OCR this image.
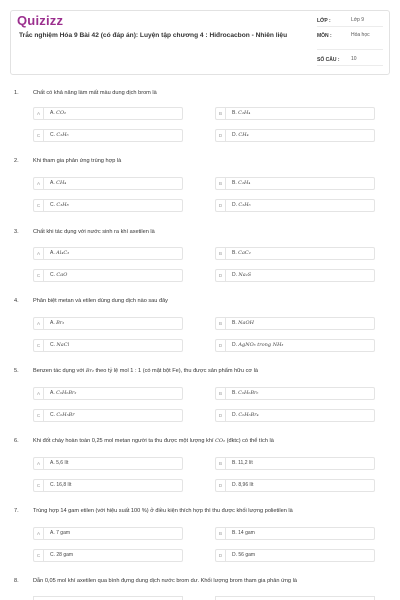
Quizizz
Trắc nghiệm Hóa 9 Bài 42 (có đáp án): Luyện tập chương 4 : Hiđrocacbon - Nhiên liệu
LỚP :	Lớp 9
MÔN :	Hóa học
SỐ CÂU : 10
1.	Chất có khả năng làm mất màu dung dịch brom là
A	A. CO₂	B	B. C₂H₄
C	C. C₂H₆	D	D. CH₄
2.	Khi tham gia phản ứng trùng hợp là
A	A. CH₄	B	B. C₂H₄
C	C. C₃H₈	D	D. C₂H₆
3.	Chất khi tác dụng với nước sinh ra khí axetilen là
A	A. Al₄C₃	B	B. CaC₂
C	C. CaO	D	D. Na₂S
4.	Phân biệt metan và etilen dùng dung dịch nào sau đây
A	A. Br₂	B	B. NaOH
C	C. NaCl	D	D. AgNO₃ trong NH₃
5.	Benzen tác dụng với Br₂ theo tỷ lệ mol 1 : 1 (có mặt bột Fe), thu được sản phẩm hữu cơ là
A	A. C₆H₆Br₂	B	B. C₆H₆Br₆
C	C. C₆H₅Br	D	D. C₆H₆Br₄
6.	Khi đốt cháy hoàn toàn 0,25 mol metan người ta thu được một lượng khí CO₂ (đktc) có thể tích là
A	A. 5,6 lít	B	B. 11,2 lít
C	C. 16,8 lít	D	D. 8,96 lít
7.	Trùng hợp 14 gam etilen (với hiệu suất 100 %) ở điều kiện thích hợp thì thu được khối lượng polietilen là
A	A. 7 gam	B	B. 14 gam
C	C. 28 gam	D	D. 56 gam
8.	Dẫn 0,05 mol khí axetilen qua bình đựng dung dịch nước brom dư. Khối lượng brom tham gia phản ứng là
